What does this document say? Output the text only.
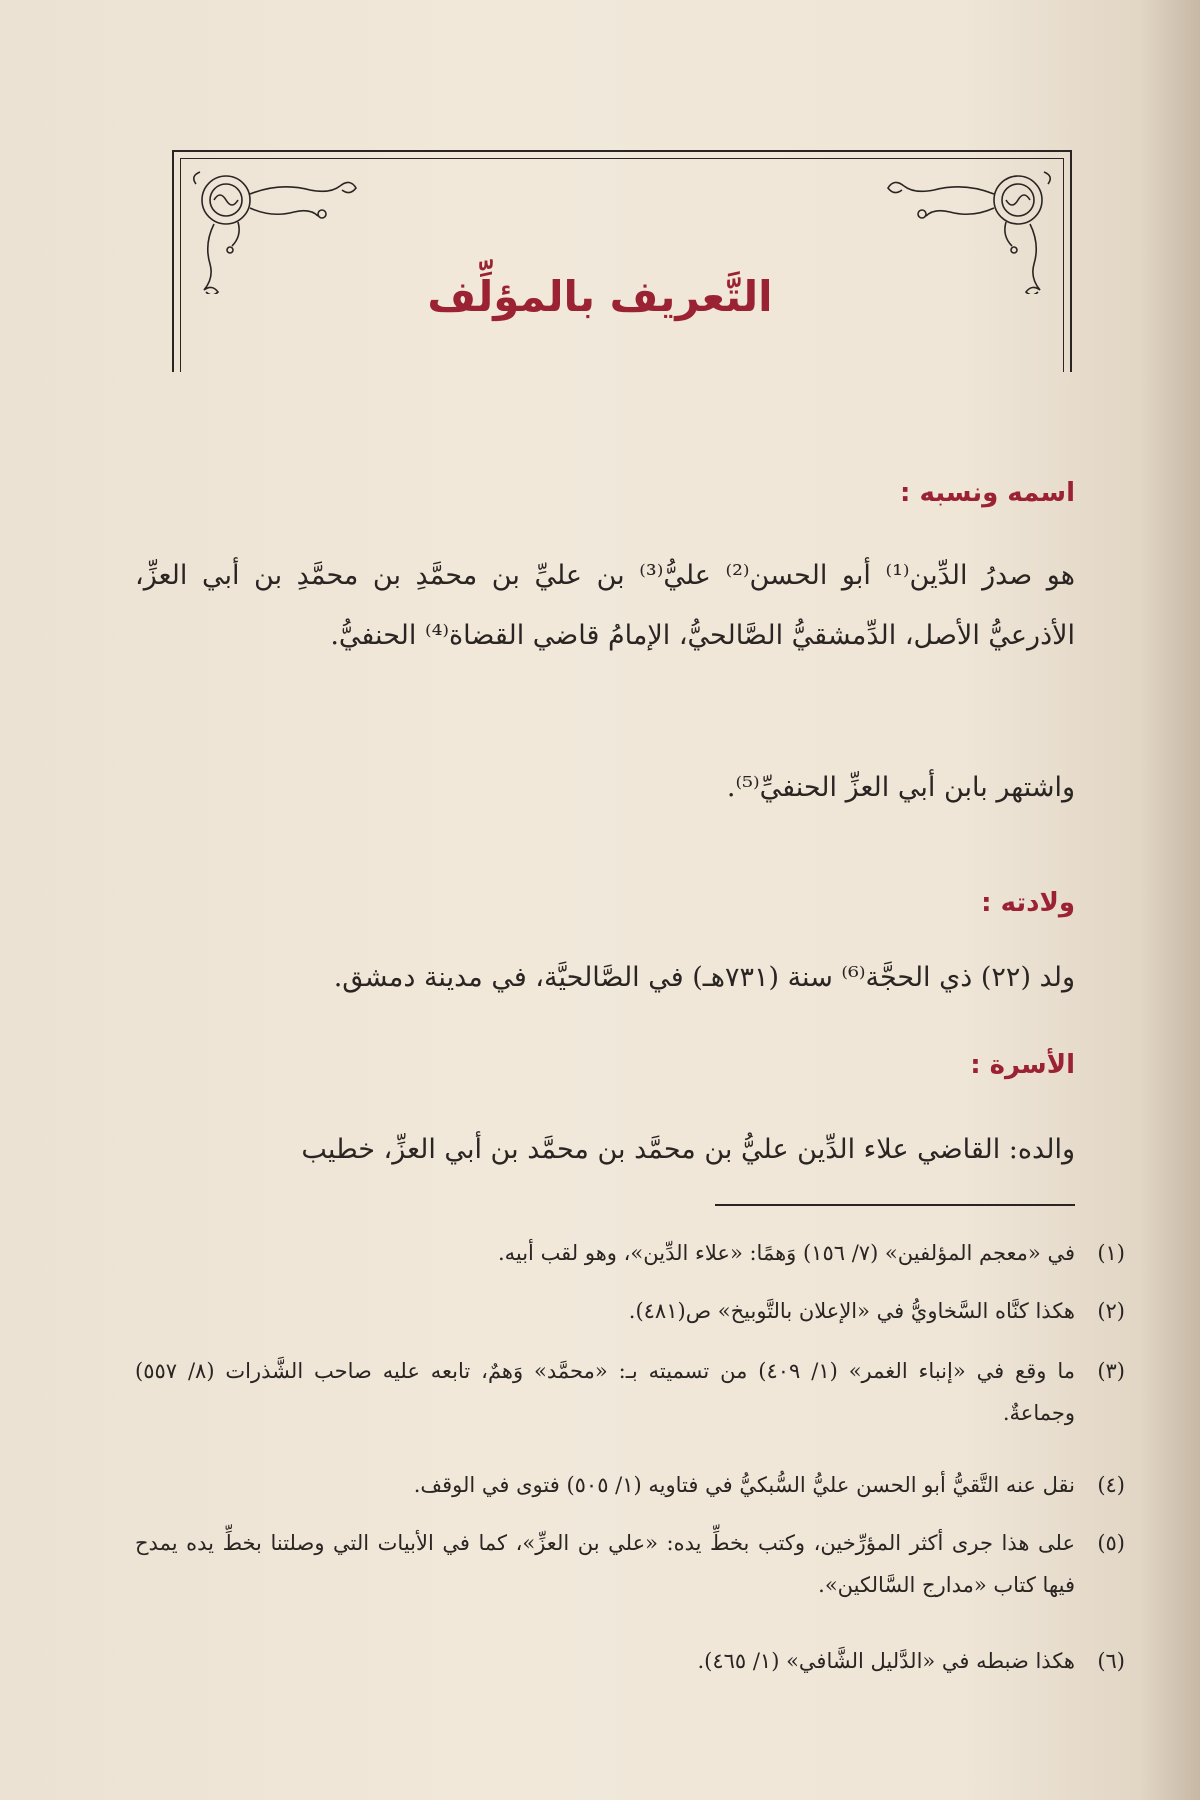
التَّعريف بالمؤلِّف
اسمه ونسبه :
هو صدرُ الدِّين⁽¹⁾ أبو الحسن⁽²⁾ عليُّ⁽³⁾ بن عليِّ بن محمَّدِ بن محمَّدِ بن أبي العزِّ، الأذرعيُّ الأصل، الدِّمشقيُّ الصَّالحيُّ، الإمامُ قاضي القضاة⁽⁴⁾ الحنفيُّ.
واشتهر بابن أبي العزِّ الحنفيِّ⁽⁵⁾.
ولادته :
ولد (٢٢) ذي الحجَّة⁽⁶⁾ سنة (٧٣١هـ) في الصَّالحيَّة، في مدينة دمشق.
الأسرة :
والده: القاضي علاء الدِّين عليُّ بن محمَّد بن محمَّد بن أبي العزِّ، خطيب
(١)
في «معجم المؤلفين» (٧/ ١٥٦) وَهمًا: «علاء الدِّين»، وهو لقب أبيه.
(٢)
هكذا كنَّاه السَّخاويُّ في «الإعلان بالتَّوبيخ» ص(٤٨١).
(٣)
ما وقع في «إنباء الغمر» (١/ ٤٠٩) من تسميته بـ: «محمَّد» وَهمٌ، تابعه عليه صاحب الشَّذرات (٨/ ٥٥٧) وجماعةٌ.
(٤)
نقل عنه التَّقيُّ أبو الحسن عليُّ السُّبكيُّ في فتاويه (١/ ٥٠٥) فتوى في الوقف.
(٥)
على هذا جرى أكثر المؤرِّخين، وكتب بخطِّ يده: «علي بن العزِّ»، كما في الأبيات التي وصلتنا بخطِّ يده يمدح فيها كتاب «مدارج السَّالكين».
(٦)
هكذا ضبطه في «الدَّليل الشَّافي» (١/ ٤٦٥).
